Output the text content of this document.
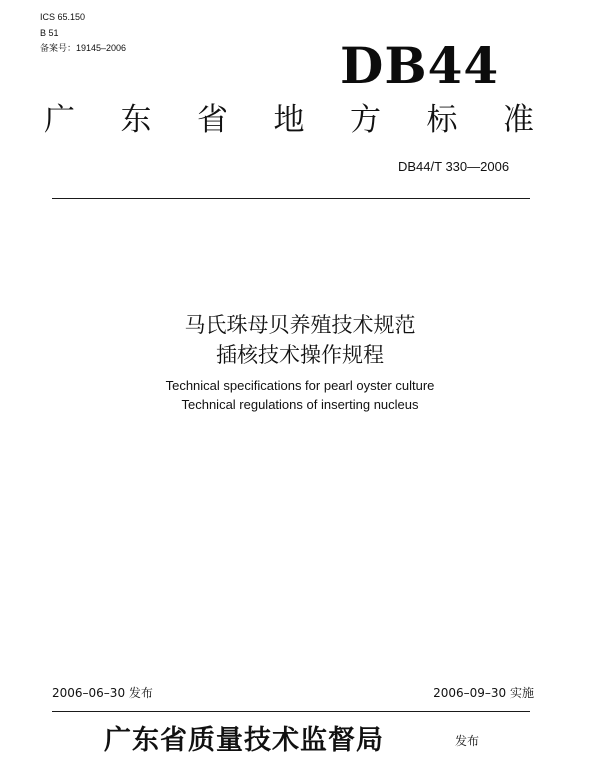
ICS 65.150
B 51
备案号：19145–2006	DB44
广 东 省 地 方 标 准
DB44/T 330—2006
马氏珠母贝养殖技术规范
插核技术操作规程
Technical specifications for pearl oyster culture
Technical regulations of inserting nucleus
2006–06–30 发布	2006–09–30 实施
广东省质量技术监督局	发布
